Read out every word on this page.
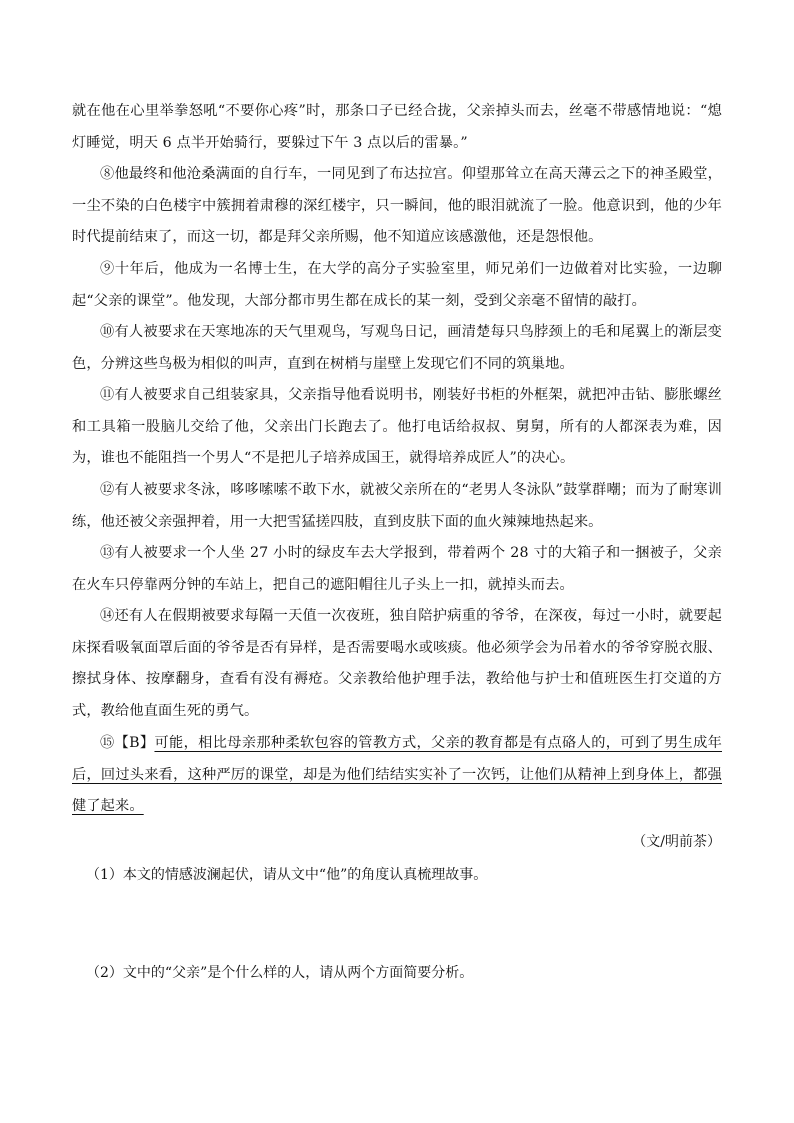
就在他在心里举拳怒吼“不要你心疼”时，那条口子已经合拢，父亲掉头而去，丝毫不带感情地说：“熄灯睡觉，明天 6 点半开始骑行，要躲过下午 3 点以后的雷暴。”

⑧他最终和他沧桑满面的自行车，一同见到了布达拉宫。仰望那耸立在高天薄云之下的神圣殿堂，一尘不染的白色楼宇中簇拥着肃穆的深红楼宇，只一瞬间，他的眼泪就流了一脸。他意识到，他的少年时代提前结束了，而这一切，都是拜父亲所赐，他不知道应该感激他，还是怨恨他。

⑨十年后，他成为一名博士生，在大学的高分子实验室里，师兄弟们一边做着对比实验，一边聊起“父亲的课堂”。他发现，大部分都市男生都在成长的某一刻，受到父亲毫不留情的敲打。

⑩有人被要求在天寒地冻的天气里观鸟，写观鸟日记，画清楚每只鸟脖颈上的毛和尾翼上的渐层变色，分辨这些鸟极为相似的叫声，直到在树梢与崖壁上发现它们不同的筑巢地。

⑪有人被要求自己组装家具，父亲指导他看说明书，刚装好书柜的外框架，就把冲击钻、膨胀螺丝和工具箱一股脑儿交给了他，父亲出门长跑去了。他打电话给叔叔、舅舅，所有的人都深表为难，因为，谁也不能阻挡一个男人“不是把儿子培养成国王，就得培养成匠人”的决心。

⑫有人被要求冬泳，哆哆嗦嗦不敢下水，就被父亲所在的“老男人冬泳队”鼓掌群嘲；而为了耐寒训练，他还被父亲强押着，用一大把雪猛搓四肢，直到皮肤下面的血火辣辣地热起来。

⑬有人被要求一个人坐 27 小时的绿皮车去大学报到，带着两个 28 寸的大箱子和一捆被子，父亲在火车只停靠两分钟的车站上，把自己的遮阳帽往儿子头上一扣，就掉头而去。

⑭还有人在假期被要求每隔一天值一次夜班，独自陪护病重的爷爷，在深夜，每过一小时，就要起床探看吸氧面罩后面的爷爷是否有异样，是否需要喝水或咳痰。他必须学会为吊着水的爷爷穿脱衣服、擦拭身体、按摩翻身，查看有没有褥疮。父亲教给他护理手法，教给他与护士和值班医生打交道的方式，教给他直面生死的勇气。

⑮【B】可能，相比母亲那种柔软包容的管教方式，父亲的教育都是有点硌人的，可到了男生成年后，回过头来看，这种严厉的课堂，却是为他们结结实实补了一次钙，让他们从精神上到身体上，都强健了起来。

（文/明前茶）

（1）本文的情感波澜起伏，请从文中“他”的角度认真梳理故事。

（2）文中的“父亲”是个什么样的人，请从两个方面简要分析。
